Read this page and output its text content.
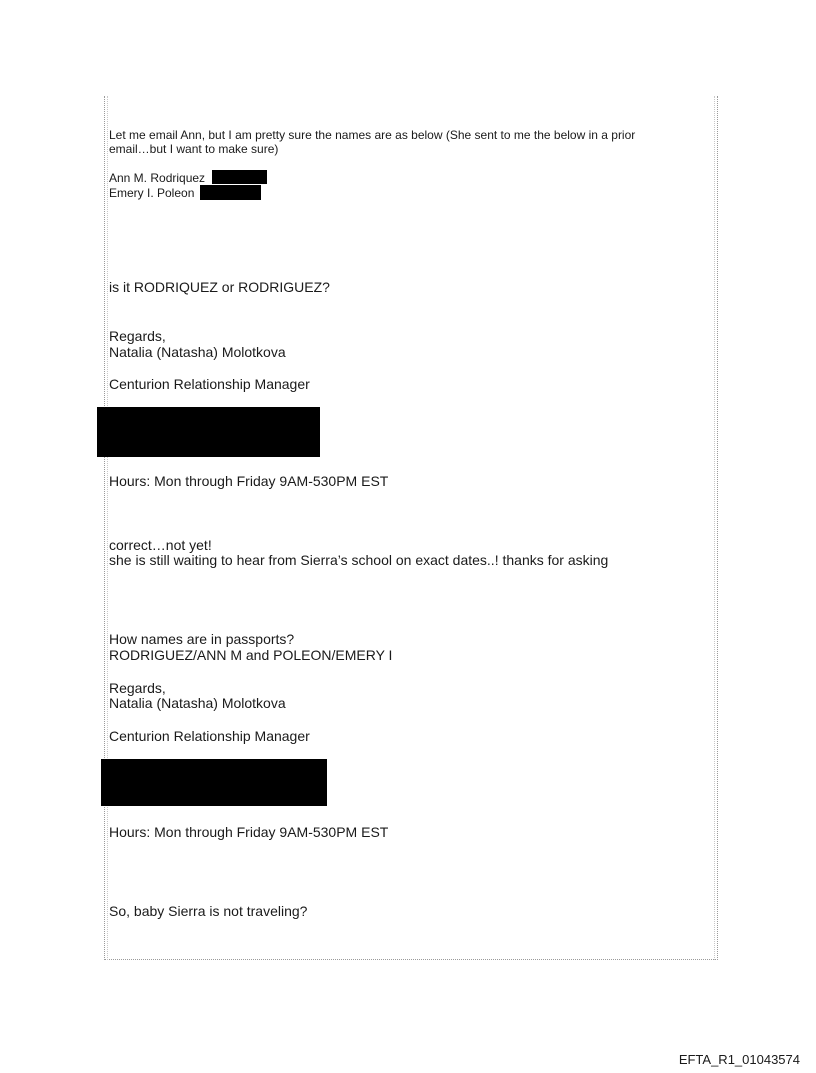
Let me email Ann, but I am pretty sure the names are as below (She sent to me the below in a prior
email…but I want to make sure)
Ann M. Rodriquez
Emery I. Poleon
is it RODRIQUEZ or RODRIGUEZ?
Regards,
Natalia (Natasha) Molotkova
Centurion Relationship Manager
Hours: Mon through Friday 9AM-530PM EST
correct…not yet!
she is still waiting to hear from Sierra’s school on exact dates..! thanks for asking
How names are in passports?
RODRIGUEZ/ANN M and POLEON/EMERY I
Regards,
Natalia (Natasha) Molotkova
Centurion Relationship Manager
Hours: Mon through Friday 9AM-530PM EST
So, baby Sierra is not traveling?
EFTA_R1_01043574
